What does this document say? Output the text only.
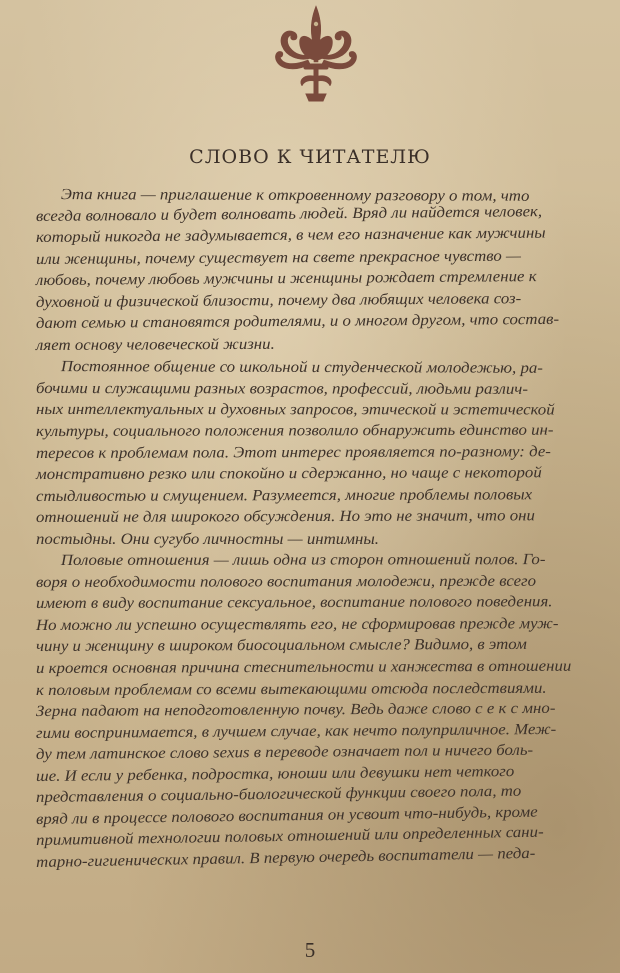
СЛОВО К ЧИТАТЕЛЮ
Эта книга — приглашение к откровенному разговору о том, что
всегда волновало и будет волновать людей. Вряд ли найдется человек,
который никогда не задумывается, в чем его назначение как мужчины
или женщины, почему существует на свете прекрасное чувство —
любовь, почему любовь мужчины и женщины рождает стремление к
духовной и физической близости, почему два любящих человека соз-
дают семью и становятся родителями, и о многом другом, что состав-
ляет основу человеческой жизни.
Постоянное общение со школьной и студенческой молодежью, ра-
бочими и служащими разных возрастов, профессий, людьми различ-
ных интеллектуальных и духовных запросов, этической и эстетической
культуры, социального положения позволило обнаружить единство ин-
тересов к проблемам пола. Этот интерес проявляется по-разному: де-
монстративно резко или спокойно и сдержанно, но чаще с некоторой
стыдливостью и смущением. Разумеется, многие проблемы половых
отношений не для широкого обсуждения. Но это не значит, что они
постыдны. Они сугубо личностны — интимны.
Половые отношения — лишь одна из сторон отношений полов. Го-
воря о необходимости полового воспитания молодежи, прежде всего
имеют в виду воспитание сексуальное, воспитание полового поведения.
Но можно ли успешно осуществлять его, не сформировав прежде муж-
чину и женщину в широком биосоциальном смысле? Видимо, в этом
и кроется основная причина стеснительности и ханжества в отношении
к половым проблемам со всеми вытекающими отсюда последствиями.
Зерна падают на неподготовленную почву. Ведь даже слово с е к с мно-
гими воспринимается, в лучшем случае, как нечто полуприличное. Меж-
ду тем латинское слово sexus в переводе означает пол и ничего боль-
ше. И если у ребенка, подростка, юноши или девушки нет четкого
представления о социально-биологической функции своего пола, то
вряд ли в процессе полового воспитания он усвоит что-нибудь, кроме
примитивной технологии половых отношений или определенных сани-
тарно-гигиенических правил. В первую очередь воспитатели — педа-
5
